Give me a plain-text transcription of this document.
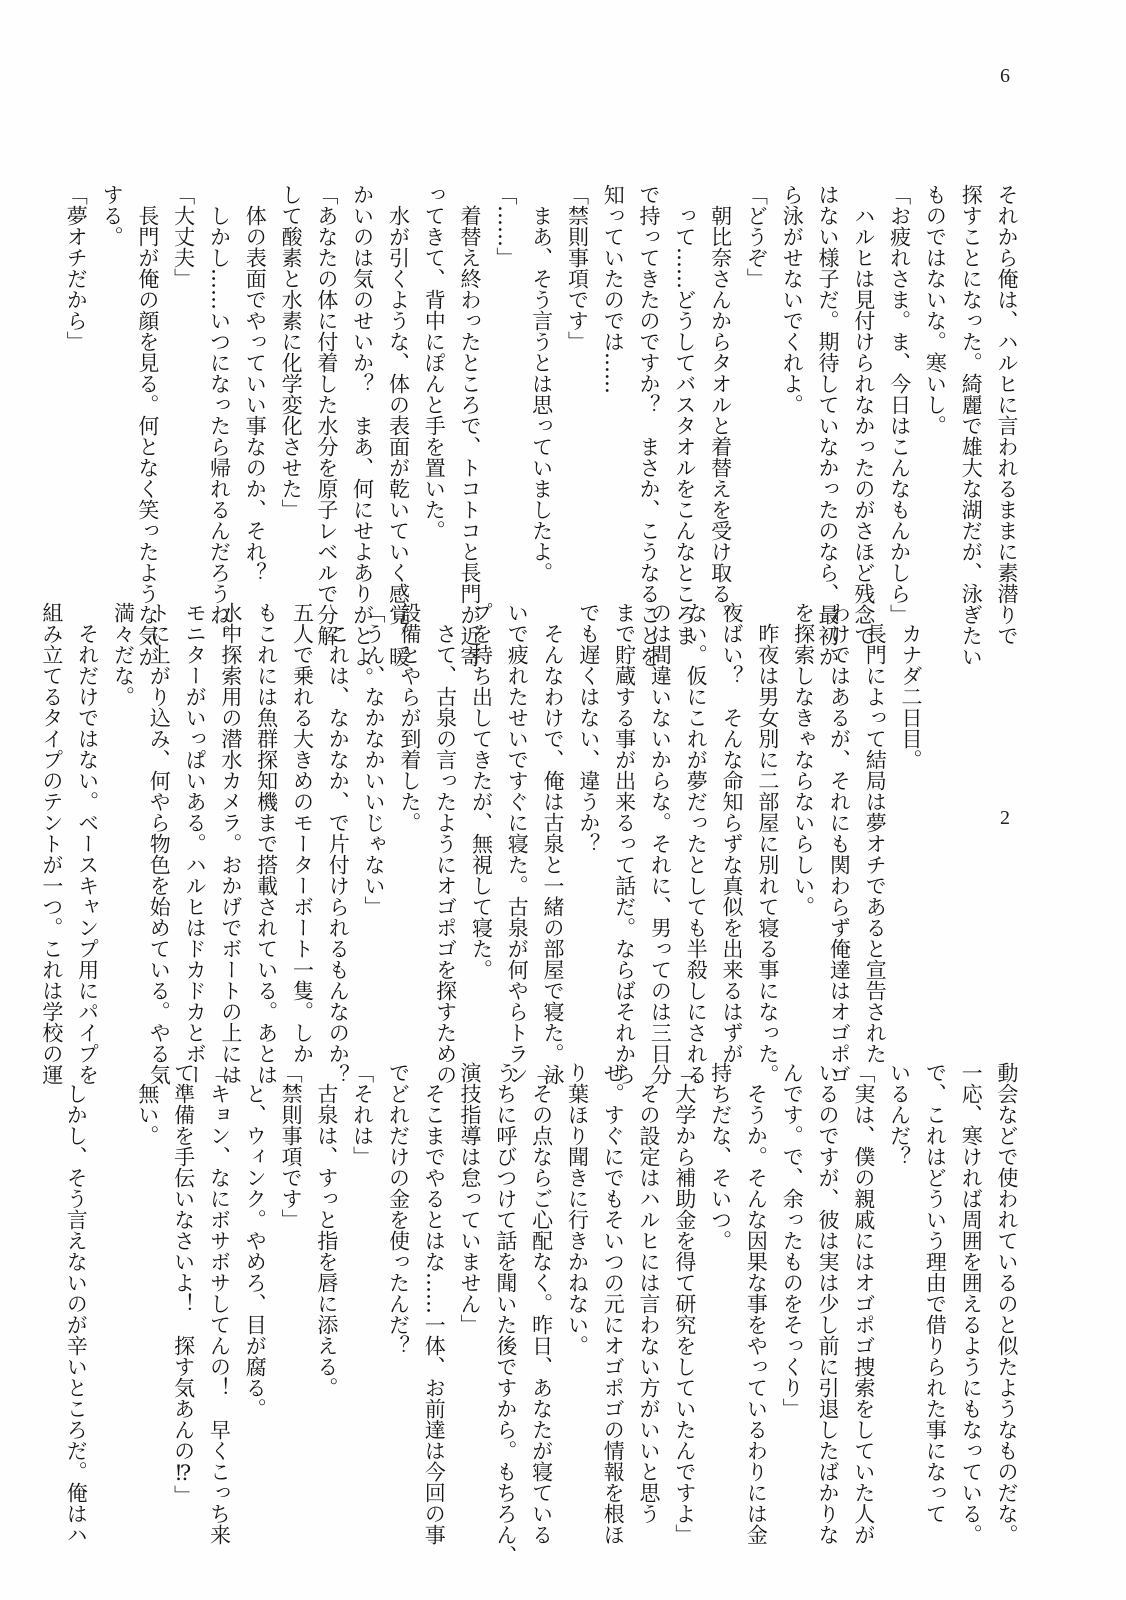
6
2
それから俺は、ハルヒに言われるままに素潜りで
探すことになった。綺麗で雄大な湖だが、泳ぎたい
ものではないな。寒いし。
「お疲れさま。ま、今日はこんなもんかしら」
　ハルヒは見付けられなかったのがさほど残念で
はない様子だ。期待していなかったのなら、最初か
ら泳がせないでくれよ。
「どうぞ」
　朝比奈さんからタオルと着替えを受け取る。
　って……どうしてバスタオルをこんなところま
で持ってきたのですか？　まさか、こうなることを
知っていたのでは……
「禁則事項です」
　まあ、そう言うとは思っていましたよ。
「……」
　着替え終わったところで、トコトコと長門が近寄
ってきて、背中にぽんと手を置いた。
　水が引くような、体の表面が乾いていく感覚。暖
かいのは気のせいか？　まあ、何にせよありがとよ。
「あなたの体に付着した水分を原子レベルで分解
して酸素と水素に化学変化させた」
　体の表面でやっていい事なのか、それ？
　しかし……いつになったら帰れるんだろうね。
「大丈夫」
　長門が俺の顔を見る。何となく笑ったような気が
する。
「夢オチだから」
　カナダ二日目。
　長門によって結局は夢オチであると宣告された
わけではあるが、それにも関わらず俺達はオゴポゴ
を探索しなきゃならないらしい。
　昨夜は男女別に二部屋に別れて寝る事になった。
夜ばい？　そんな命知らずな真似を出来るはずが
ない。仮にこれが夢だったとしても半殺しにされる
のは間違いないからな。それに、男ってのは三日分
まで貯蔵する事が出来るって話だ。ならばそれから
でも遅くはない、違うか？
　そんなわけで、俺は古泉と一緒の部屋で寝た。泳
いで疲れたせいですぐに寝た。古泉が何やらトラン
プを持ち出してきたが、無視して寝た。
　さて、古泉の言ったようにオゴポゴを探すための
設備とやらが到着した。
「うん、なかなかいいじゃない」
　これは、なかなか、で片付けられるもんなのか？
五人で乗れる大きめのモーターボート一隻。しか
もこれには魚群探知機まで搭載されている。あとは
水中探索用の潜水カメラ。おかげでボートの上には
モニターがいっぱいある。ハルヒはドカドカとボー
トに上がり込み、何やら物色を始めている。やる気
満々だな。
　それだけではない。ベースキャンプ用にパイプを
組み立てるタイプのテントが一つ。これは学校の運
動会などで使われているのと似たようなものだな。
一応、寒ければ周囲を囲えるようにもなっている。
で、これはどういう理由で借りられた事になって
いるんだ？
「実は、僕の親戚にはオゴポゴ捜索をしていた人が
いるのですが、彼は実は少し前に引退したばかりな
んです。で、余ったものをそっくり」
　そうか。そんな因果な事をやっているわりには金
持ちだな、そいつ。
「大学から補助金を得て研究をしていたんですよ」
　その設定はハルヒには言わない方がいいと思う
ぜ。すぐにでもそいつの元にオゴポゴの情報を根ほ
り葉ほり聞きに行きかねない。
「その点ならご心配なく。昨日、あなたが寝ている
うちに呼びつけて話を聞いた後ですから。もちろん、
演技指導は怠っていません」
　そこまでやるとはな……一体、お前達は今回の事
でどれだけの金を使ったんだ？
「それは」
　古泉は、すっと指を唇に添える。
「禁則事項です」
　と、ウィンク。やめろ、目が腐る。
「キョン、なにボサボサしてんの！　早くこっち来
て準備を手伝いなさいよ！　探す気あんの⁉」
　無い。

　しかし、そう言えないのが辛いところだ。俺はハ
